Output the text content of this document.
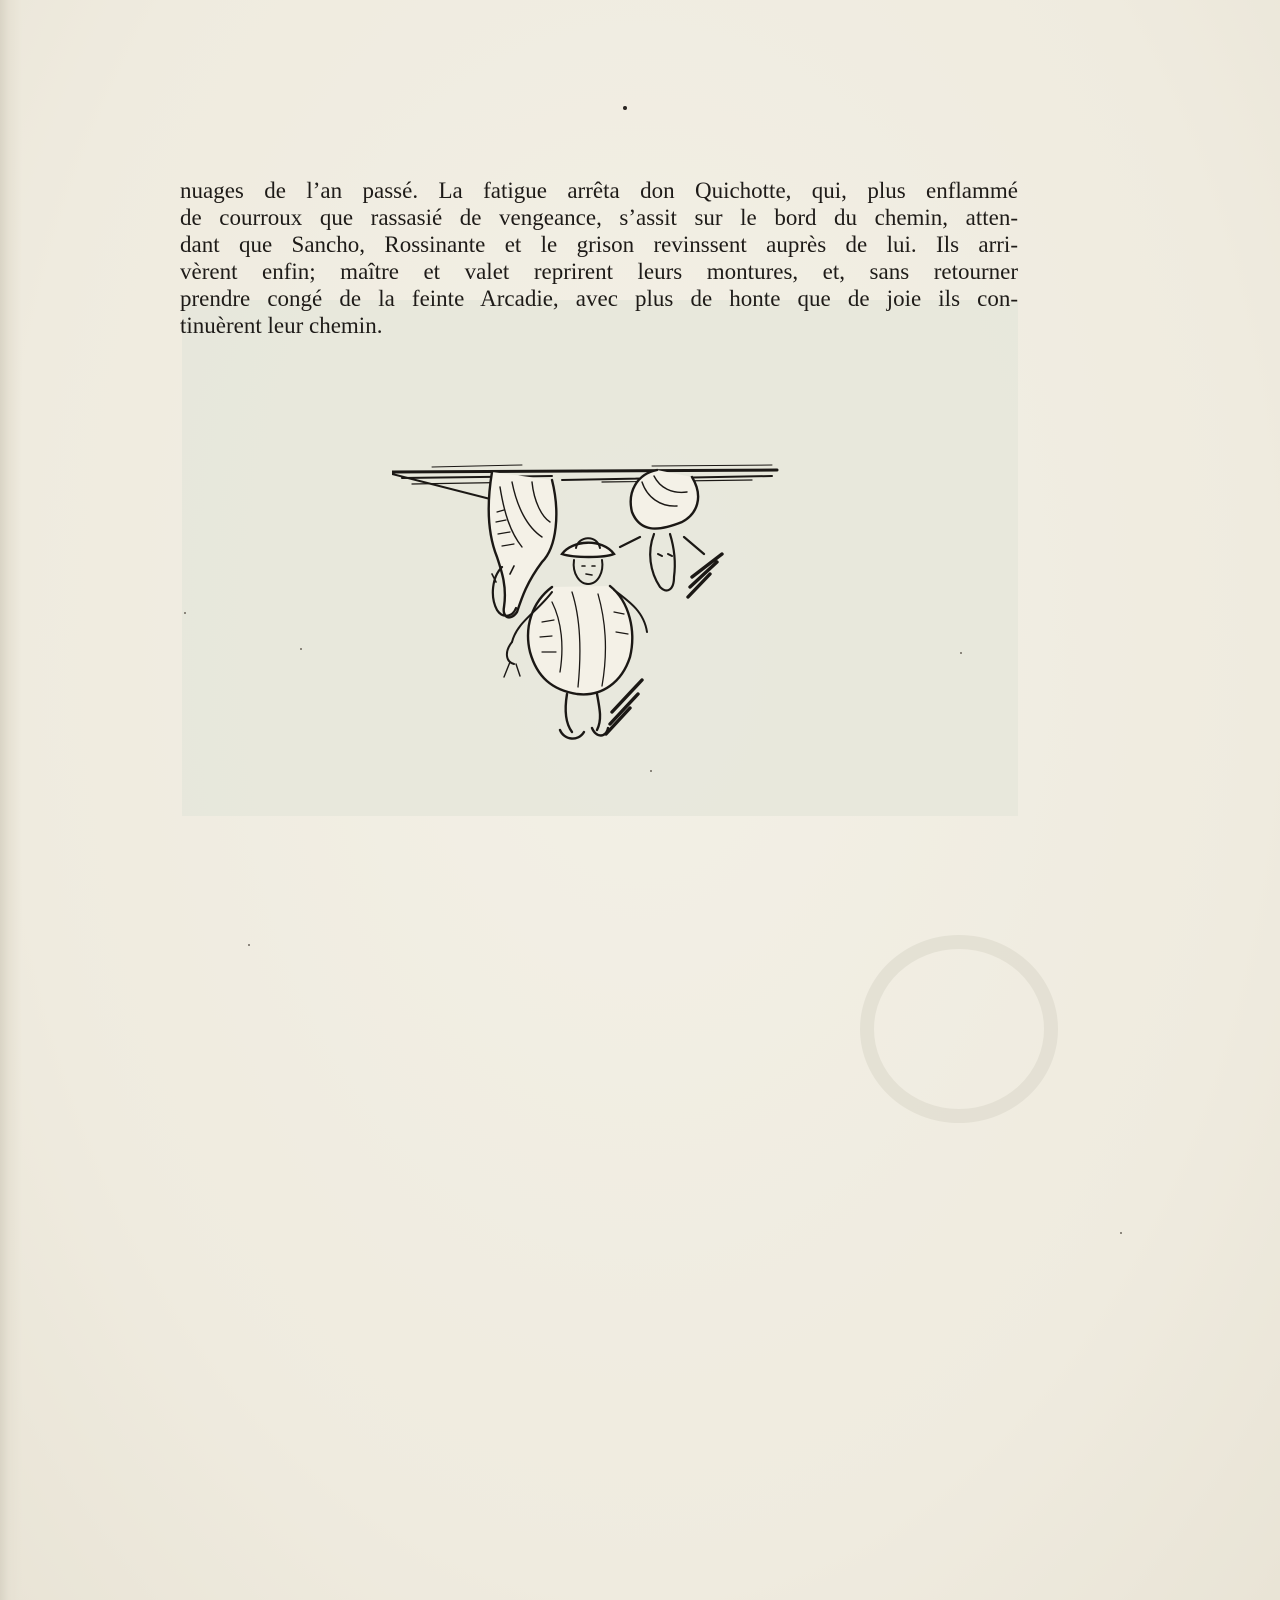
nuages de l’an passé. La fatigue arrêta don Quichotte, qui, plus enflammé
de courroux que rassasié de vengeance, s’assit sur le bord du chemin, atten-
dant que Sancho, Rossinante et le grison revinssent auprès de lui. Ils arri-
vèrent enfin; maître et valet reprirent leurs montures, et, sans retourner
prendre congé de la feinte Arcadie, avec plus de honte que de joie ils con-
tinuèrent leur chemin.
